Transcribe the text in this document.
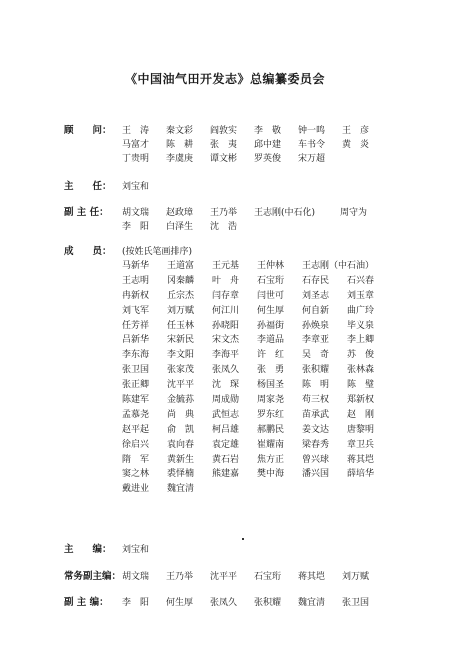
《中国油气田开发志》总编纂委员会
顾　　问： 王　涛	秦文彩	阎敦实	李　敬	钟一鸣	王　彦
马富才	陈　耕	张　夷	邱中建	车书令	黄　炎
丁贵明	李虞庚	谭文彬	罗英俊	宋万超
主　　任： 刘宝和
副 主 任： 胡文瑞	赵政璋	王乃举	王志刚(中石化)	周守为
李　阳	白泽生	沈　浩
成　　员： (按姓氏笔画排序)
马新华	王道富	王元基	王仲林	王志刚（中石油）
王志明	冈秦麟	叶　舟	石宝珩	石存民	石兴春
冉新权	丘宗杰	闫存章	闫世可	刘圣志	刘玉章
刘飞军	刘万赋	何江川	何生厚	何自新	曲广玲
任芳祥	任玉林	孙晓阳	孙福街	孙焕泉	毕义泉
吕新华	宋新民	宋文杰	李道品	李章亚	李上卿
李东海	李文阳	李海平	许　红	吴　奇	苏　俊
张卫国	张家茂	张凤久	张　勇	张积耀	张林森
张正卿	沈平平	沈　琛	杨国圣	陈　明	陈　璧
陈建军	金毓荪	周成勋	周家尧	苟三权	郑新权
孟慕尧	尚　典	武恒志	罗东红	苗承武	赵　刚
赵平起	俞　凯	柯吕雄	郝鹏民	姜文达	唐黎明
徐启兴	袁向春	袁定雄	崔耀南	梁春秀	章卫兵
隋　军	黄新生	黄石岩	焦方正	曾兴球	蒋其垲
窦之林	裘怿楠	熊建嘉	樊中海	潘兴国	薛培华
戴进业	魏宜清
主　　编： 刘宝和
常务副主编： 胡文瑞	王乃举	沈平平	石宝珩	蒋其垲	刘万赋
副 主 编： 李　阳	何生厚	张凤久	张积耀	魏宜清	张卫国
